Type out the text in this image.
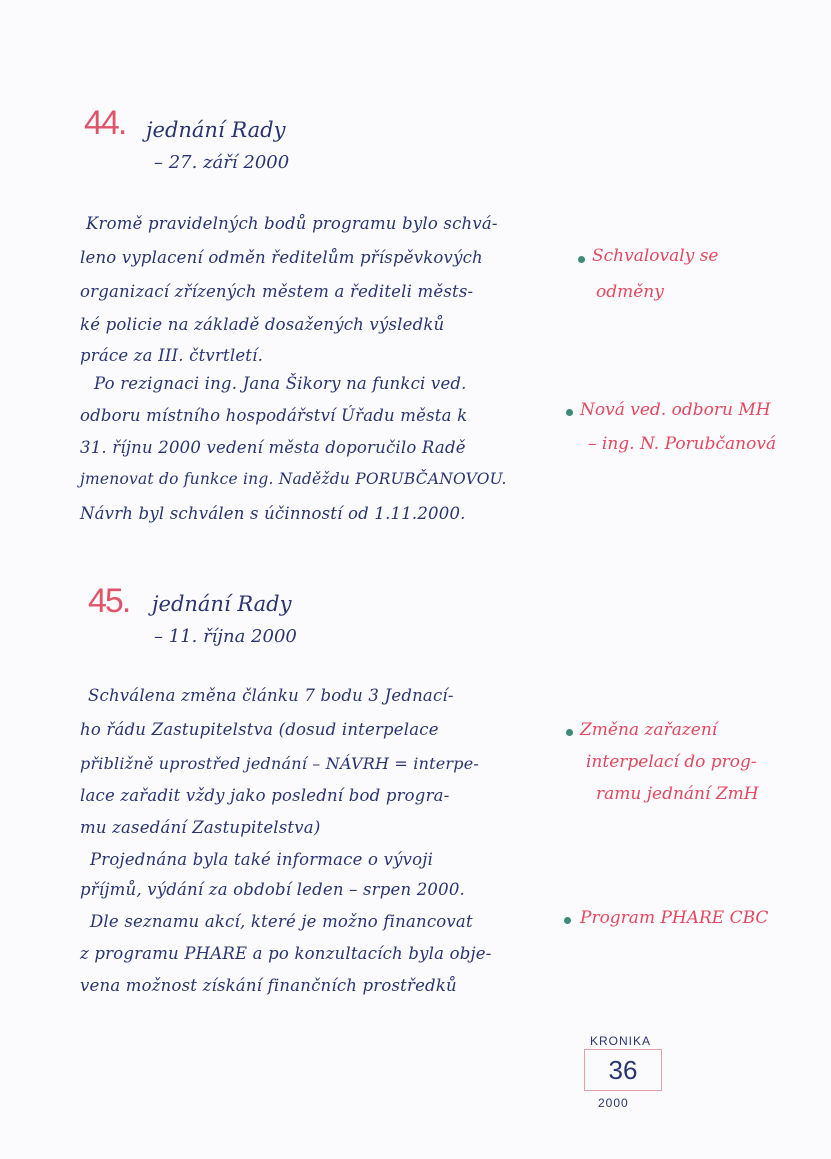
44. jednání Rady
– 27. září 2000
Kromě pravidelných bodů programu bylo schvá-
leno vyplacení odměn ředitelům příspěvkových
organizací zřízených městem a řediteli městs-
ké policie na základě dosažených výsledků
práce za III. čtvrtletí.
Po rezignaci ing. Jana Šikory na funkci ved.
odboru místního hospodářství Úřadu města k
31. říjnu 2000 vedení města doporučilo Radě
jmenovat do funkce ing. Naděždu PORUBČANOVOU.
Návrh byl schválen s účinností od 1.11.2000.
Schvalovaly se
odměny
Nová ved. odboru MH
– ing. N. Porubčanová
45. jednání Rady
– 11. října 2000
Schválena změna článku 7 bodu 3 Jednací-
ho řádu Zastupitelstva (dosud interpelace
přibližně uprostřed jednání – NÁVRH = interpe-
lace zařadit vždy jako poslední bod progra-
mu zasedání Zastupitelstva)
Projednána byla také informace o vývoji
příjmů, výdání za období leden – srpen 2000.
Dle seznamu akcí, které je možno financovat
z programu PHARE a po konzultacích byla obje-
vena možnost získání finančních prostředků
Změna zařazení
interpelací do prog-
ramu jednání ZmH
Program PHARE CBC
KRONIKA
36
2000
